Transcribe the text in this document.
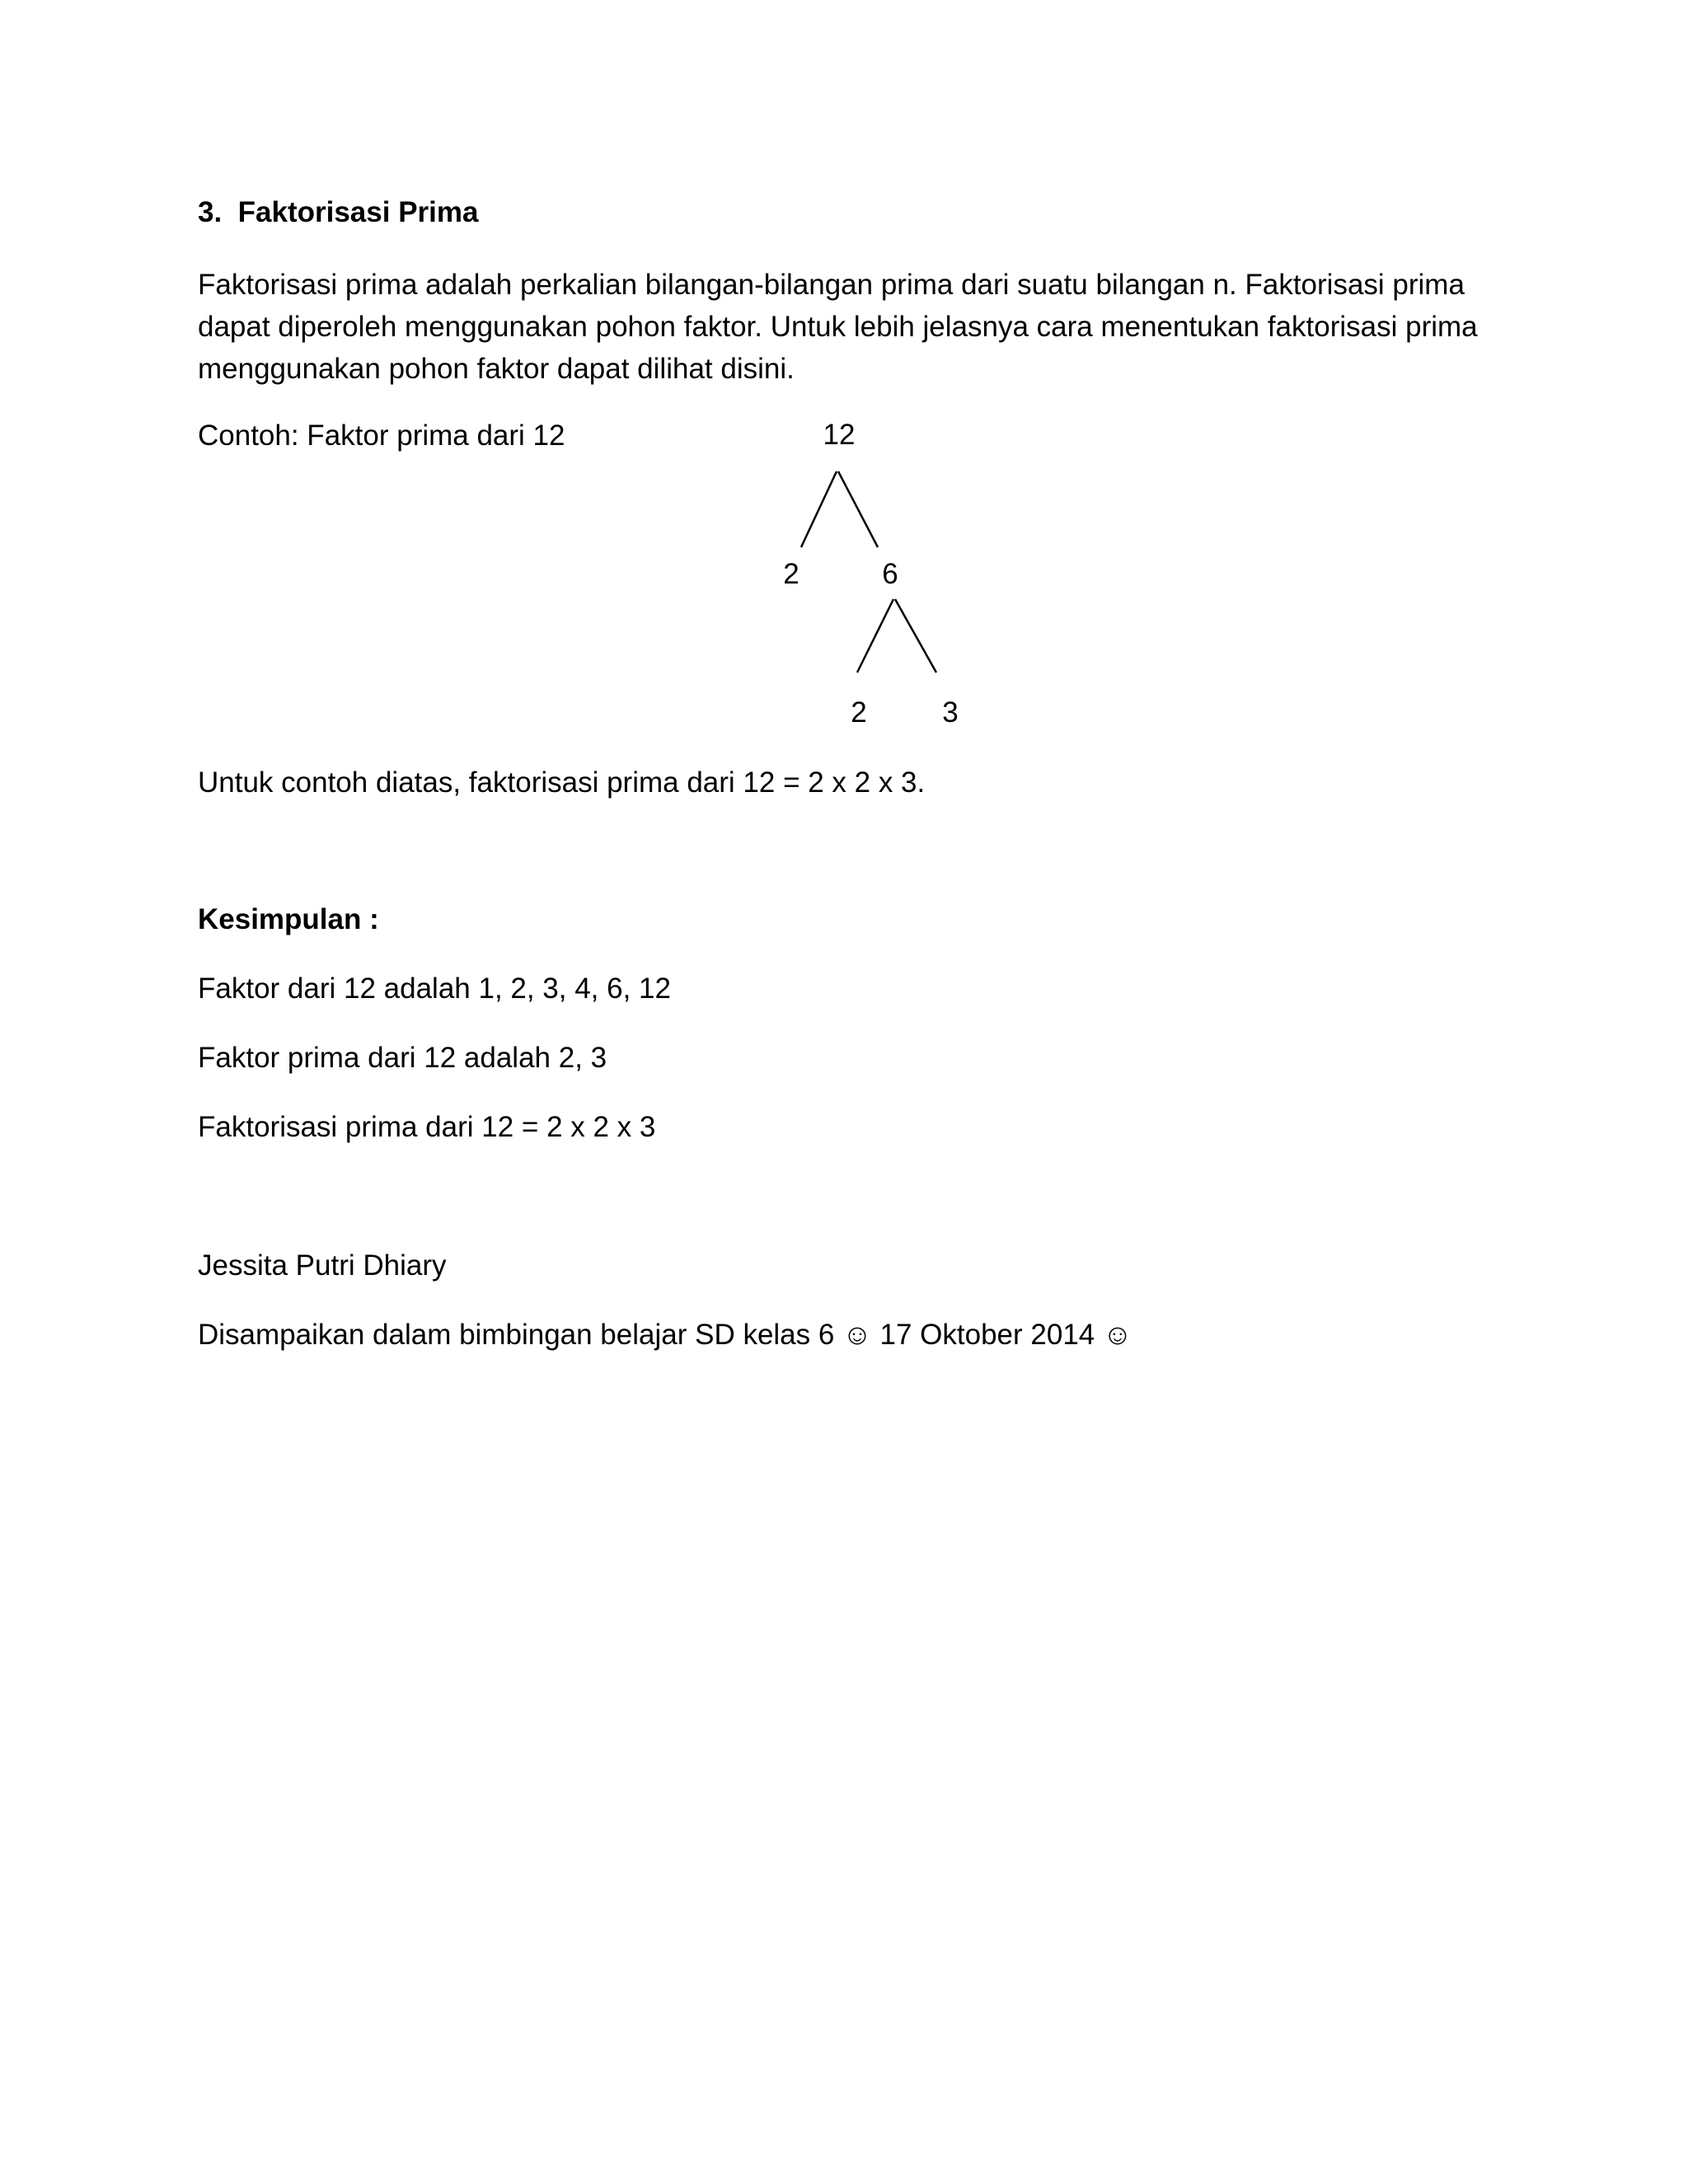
3. Faktorisasi Prima
Faktorisasi prima adalah perkalian bilangan-bilangan prima dari suatu bilangan n. Faktorisasi prima
dapat diperoleh menggunakan pohon faktor. Untuk lebih jelasnya cara menentukan faktorisasi prima
menggunakan pohon faktor dapat dilihat disini.
Contoh: Faktor prima dari 12	12
2	6
2	3
Untuk contoh diatas, faktorisasi prima dari 12 = 2 x 2 x 3.
Kesimpulan :
Faktor dari 12 adalah 1, 2, 3, 4, 6, 12
Faktor prima dari 12 adalah 2, 3
Faktorisasi prima dari 12 = 2 x 2 x 3
Jessita Putri Dhiary
Disampaikan dalam bimbingan belajar SD kelas 6 ☺ 17 Oktober 2014 ☺
